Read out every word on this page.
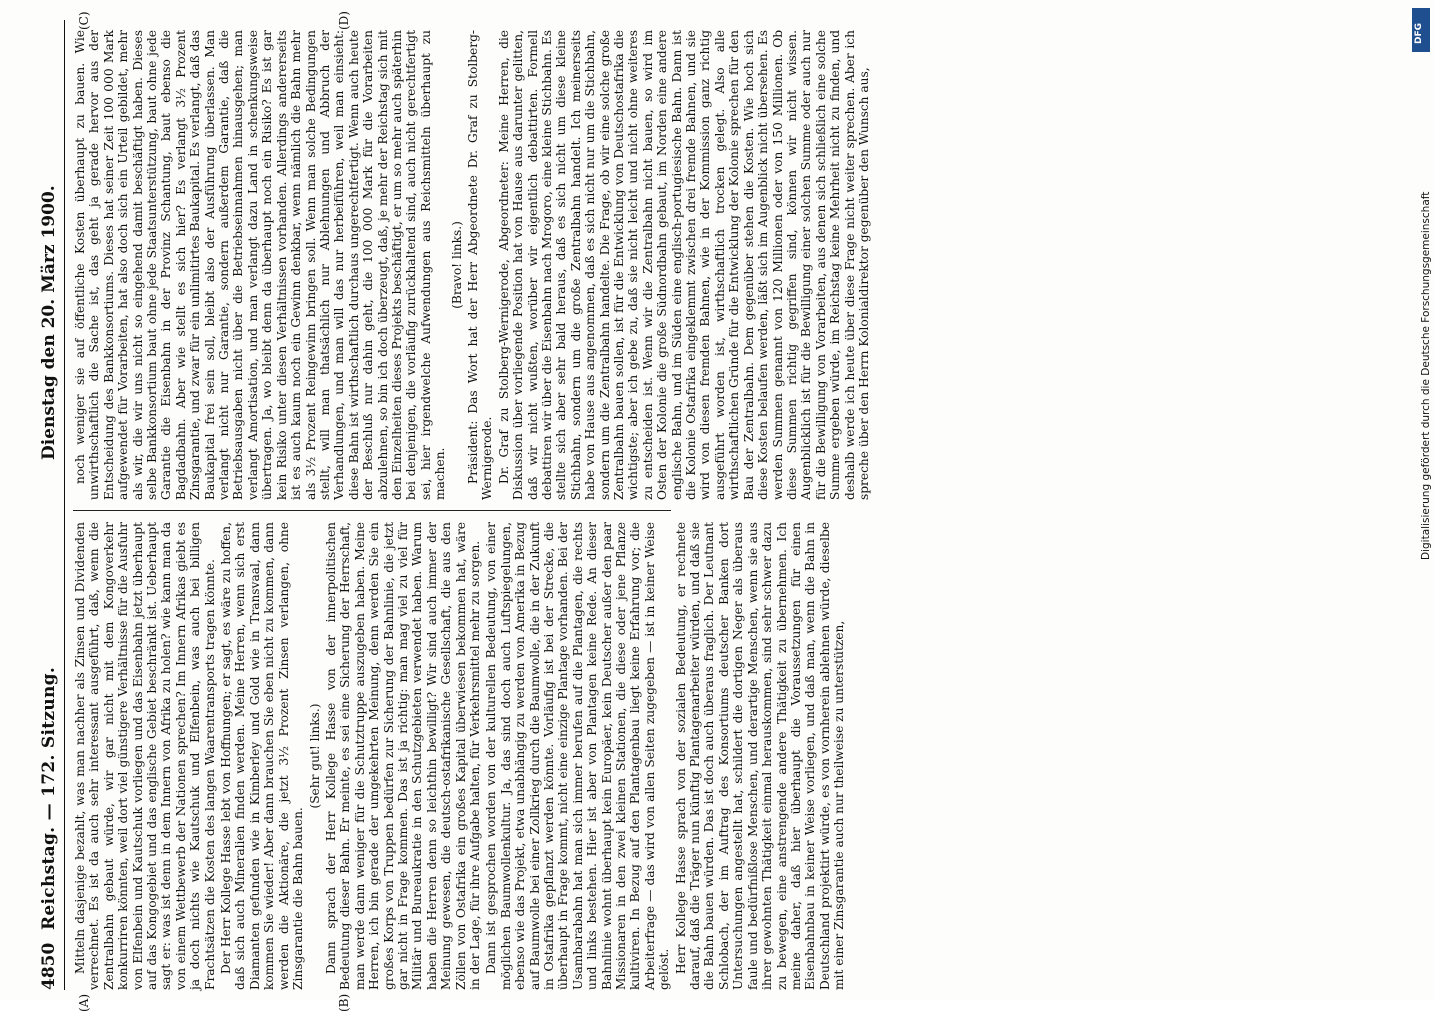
4850
Reichstag. — 172. Sitzung.
Dienstag den 20. März 1900.
(A)	(B)
(C)	(D)

Mitteln dasjenige bezahlt, was man nachher als Zinsen und Dividenden verrechnet. Es ist da auch sehr interessant ausgeführt, daß, wenn die Zentralbahn gebaut würde, wir gar nicht mit dem Kongoverkehr konkurriren könnten, weil dort viel günstigere Verhältnisse für die Ausfuhr von Elfenbein und Kautschuk vorliegen und das Eisenbahn jetzt überhaupt auf das Kongogebiet und das englische Gebiet beschränkt ist. Ueberhaupt sagt er: was ist denn in dem Innern von Afrika zu holen? wie kann man da von einem Wettbewerb der Nationen sprechen? Im Innern Afrikas giebt es ja doch nichts wie Kautschuk und Elfenbein, was auch bei billigen Frachtsätzen die Kosten des langen Waarentransports tragen könnte. Der Herr Kollege Hasse lebt von Hoffnungen; er sagt, es wäre zu hoffen, daß sich auch Mineralien finden werden. Meine Herren, wenn sich erst Diamanten gefunden wie in Kimberley und Gold wie in Transvaal, dann kommen Sie wieder! Aber dann brauchen Sie eben nicht zu kommen, dann werden die Aktionäre, die jetzt 3½ Prozent Zinsen verlangen, ohne Zinsgarantie die Bahn bauen.

(Sehr gut! links.) Dann sprach der Herr Kollege Hasse von der innerpolitischen Bedeutung dieser Bahn. Er meinte, es sei eine Sicherung der Herrschaft, man werde dann weniger für die Schutztruppe auszugeben haben. Meine Herren, ich bin gerade der umgekehrten Meinung, denn werden Sie ein großes Korps von Truppen bedürfen zur Sicherung der Bahnlinie, die jetzt gar nicht in Frage kommen. Das ist ja richtig: man mag viel zu viel für Militär und Bureaukratie in den Schutzgebieten verwendet haben. Warum haben die Herren denn so leichthin bewilligt? Wir sind auch immer der Meinung gewesen, die deutsch-ostafrikanische Gesellschaft, die aus den Zöllen von Ostafrika ein großes Kapital überwiesen bekommen hat, wäre in der Lage, für ihre Aufgabe halten, für Verkehrsmittel mehr zu sorgen. Dann ist gesprochen worden von der kulturellen Bedeutung, von einer möglichen Baumwollenkultur. Ja, das sind doch auch Luftspiegelungen, ebenso wie das Projekt, etwa unabhängig zu werden von Amerika in Bezug auf Baumwolle bei einer Zollkrieg durch die Baumwolle, die in der Zukunft in Ostafrika gepflanzt werden könnte. Vorläufig ist bei der Strecke, die überhaupt in Frage kommt, nicht eine einzige Plantage vorhanden. Bei der Usambarabahn hat man sich immer berufen auf die Plantagen, die rechts und links bestehen. Hier ist aber von Plantagen keine Rede. An dieser Bahnlinie wohnt überhaupt kein Europäer, kein Deutscher außer den paar Missionaren in den zwei kleinen Stationen, die diese oder jene Pflanze kultiviren. In Bezug auf den Plantagenbau liegt keine Erfahrung vor; die Arbeiterfrage — das wird von allen Seiten zugegeben — ist in keiner Weise gelöst. Herr Kollege Hasse sprach von der sozialen Bedeutung, er rechnete darauf, daß die Träger nun künftig Plantagenarbeiter würden, und daß sie die Bahn bauen würden. Das ist doch auch überaus fraglich. Der Leutnant Schlobach, der im Auftrag des Konsortiums deutscher Banken dort Untersuchungen angestellt hat, schildert die dortigen Neger als überaus faule und bedürfnißlose Menschen, und derartige Menschen, wenn sie aus ihrer gewohnten Thätigkeit einmal herauskommen, sind sehr schwer dazu zu bewegen, eine anstrengende andere Thätigkeit zu übernehmen. Ich meine daher, daß hier überhaupt die Voraussetzungen für einen Eisenbahnbau in keiner Weise vorliegen, und daß man, wenn die Bahn in Deutschland projektirt würde, es von vornherein ablehnen würde, dieselbe mit einer Zinsgarantie auch nur theilweise zu unterstützen,

noch weniger sie auf öffentliche Kosten überhaupt zu bauen. Wie unwirthschaftlich die Sache ist, das geht ja gerade hervor aus der Entscheidung des Bankkonsortiums. Dieses hat seiner Zeit 100 000 Mark aufgewendet für Vorarbeiten, hat also doch sich ein Urteil gebildet, mehr als wir, die wir uns nicht so eingehend damit beschäftigt haben. Dieses selbe Bankkonsortium baut ohne jede Staatsunterstützung, baut ohne jede Garantie die Eisenbahn in der Provinz Schantung, baut ebenso die Bagdadbahn. Aber wie stellt es sich hier? Es verlangt 3½ Prozent Zinsgarantie, und zwar für ein unlimitirtes Baukapital. Es verlangt, daß das Baukapital frei sein soll, bleibt also der Ausführung überlassen. Man verlangt nicht nur Garantie, sondern außerdem Garantie, daß die Betriebsausgaben nicht über die Betriebseinnahmen hinausgehen; man verlangt Amortisation, und man verlangt dazu Land in schenkungsweise übertragen. Ja, wo bleibt denn da überhaupt noch ein Risiko? Es ist gar kein Risiko unter diesen Verhältnissen vorhanden. Allerdings andererseits ist es auch kaum noch ein Gewinn denkbar, wenn nämlich die Bahn mehr als 3½ Prozent Reingewinn bringen soll. Wenn man solche Bedingungen stellt, will man thatsächlich nur Ablehnungen und Abbruch der Verhandlungen, und man will das nur herbeiführen, weil man einsieht: diese Bahn ist wirthschaftlich durchaus ungerechtfertigt. Wenn auch heute der Beschluß nur dahin geht, die 100 000 Mark für die Vorarbeiten abzulehnen, so bin ich doch überzeugt, daß, je mehr der Reichstag sich mit den Einzelheiten dieses Projekts beschäftigt, er um so mehr auch späterhin bei denjenigen, die vorläufig zurückhaltend sind, auch nicht gerechtfertigt sei, hier irgendwelche Aufwendungen aus Reichsmitteln überhaupt zu machen.

(Bravo! links.) Präsident: Das Wort hat der Herr Abgeordnete Dr. Graf zu Stolberg-Wernigerode. Dr. Graf zu Stolberg-Wernigerode, Abgeordneter: Meine Herren, die Diskussion über vorliegende Position hat von Hause aus darunter gelitten, daß wir nicht wußten, worüber wir eigentlich debattirten. Formell debattiren wir über die Eisenbahn nach Mrogoro, eine kleine Stichbahn. Es stellte sich aber sehr bald heraus, daß es sich nicht um diese kleine Stichbahn, sondern um die große Zentralbahn handelt. Ich meinerseits habe von Hause aus angenommen, daß es sich nicht nur um die Stichbahn, sondern um die Zentralbahn handelte. Die Frage, ob wir eine solche große Zentralbahn bauen sollen, ist für die Entwicklung von Deutschostafrika die wichtigste; aber ich gebe zu, daß sie nicht leicht und nicht ohne weiteres zu entscheiden ist. Wenn wir die Zentralbahn nicht bauen, so wird im Osten der Kolonie die große Südnordbahn gebaut, im Norden eine andere englische Bahn, und im Süden eine englisch-portugiesische Bahn. Dann ist die Kolonie Ostafrika eingeklemmt zwischen drei fremde Bahnen, und sie wird von diesen fremden Bahnen, wie in der Kommission ganz richtig ausgeführt worden ist, wirthschaftlich trocken gelegt. Also alle wirthschaftlichen Gründe für die Entwicklung der Kolonie sprechen für den Bau der Zentralbahn. Dem gegenüber stehen die Kosten. Wie hoch sich diese Kosten belaufen werden, läßt sich im Augenblick nicht übersehen. Es werden Summen genannt von 120 Millionen oder von 150 Millionen. Ob diese Summen richtig gegriffen sind, können wir nicht wissen. Augenblicklich ist für die Bewilligung einer solchen Summe oder auch nur für die Bewilligung von Vorarbeiten, aus denen sich schließlich eine solche Summe ergeben würde, im Reichstag keine Mehrheit nicht zu finden, und deshalb werde ich heute über diese Frage nicht weiter sprechen. Aber ich spreche über den Herrn Kolonialdirektor gegenüber den Wunsch aus,

DFG
Digitalisierung gefördert durch die Deutsche Forschungsgemeinschaft
